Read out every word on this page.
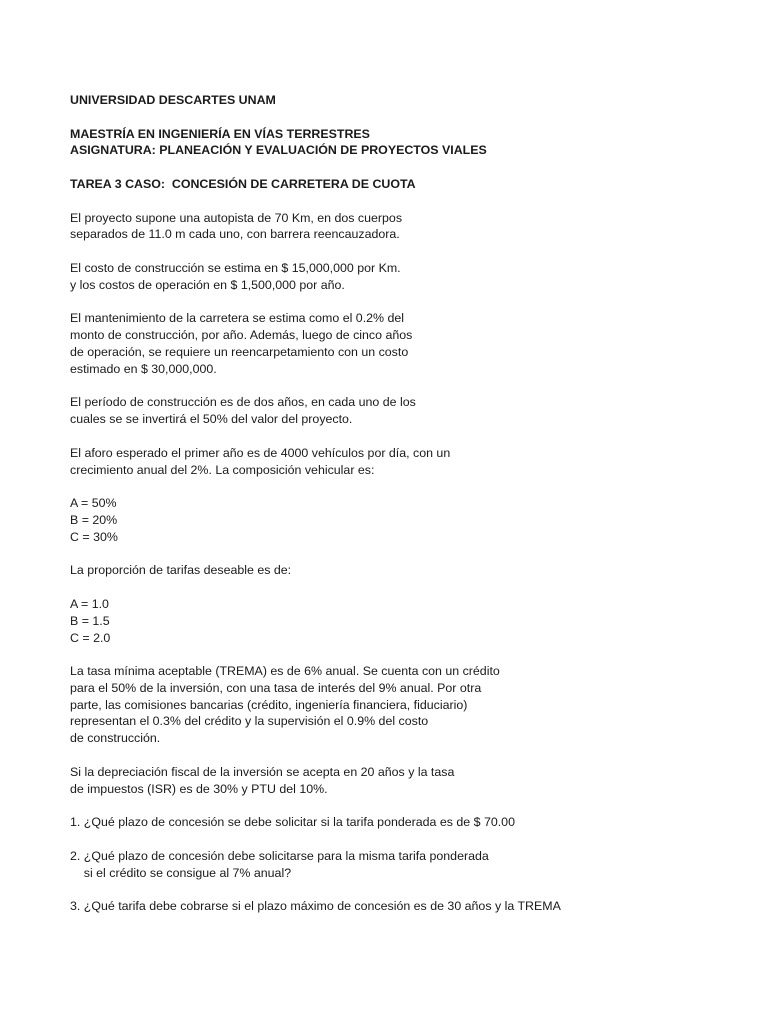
UNIVERSIDAD DESCARTES UNAM
MAESTRÍA EN INGENIERÍA EN VÍAS TERRESTRES
ASIGNATURA: PLANEACIÓN Y EVALUACIÓN DE PROYECTOS VIALES
TAREA 3 CASO:  CONCESIÓN DE CARRETERA DE CUOTA
El proyecto supone una autopista de 70 Km, en dos cuerpos
separados de 11.0 m cada uno, con barrera reencauzadora.
El costo de construcción se estima en $ 15,000,000 por Km.
y los costos de operación en $ 1,500,000 por año.
El mantenimiento de la carretera se estima como el 0.2% del
monto de construcción, por año. Además, luego de cinco años
de operación, se requiere un reencarpetamiento con un costo
estimado en $ 30,000,000.
El período de construcción es de dos años, en cada uno de los
cuales se se invertirá el 50% del valor del proyecto.
El aforo esperado el primer año es de 4000 vehículos por día, con un
crecimiento anual del 2%. La composición vehicular es:
A = 50%
B = 20%
C = 30%
La proporción de tarifas deseable es de:
A = 1.0
B = 1.5
C = 2.0
La tasa mínima aceptable (TREMA) es de 6% anual. Se cuenta con un crédito
para el 50% de la inversión, con una tasa de interés del 9% anual. Por otra
parte, las comisiones bancarias (crédito, ingeniería financiera, fiduciario)
representan el 0.3% del crédito y la supervisión el 0.9% del costo
de construcción.
Si la depreciación fiscal de la inversión se acepta en 20 años y la tasa
de impuestos (ISR) es de 30% y PTU del 10%.
1. ¿Qué plazo de concesión se debe solicitar si la tarifa ponderada es de $ 70.00
2. ¿Qué plazo de concesión debe solicitarse para la misma tarifa ponderada
si el crédito se consigue al 7% anual?
3. ¿Qué tarifa debe cobrarse si el plazo máximo de concesión es de 30 años y la TREMA
